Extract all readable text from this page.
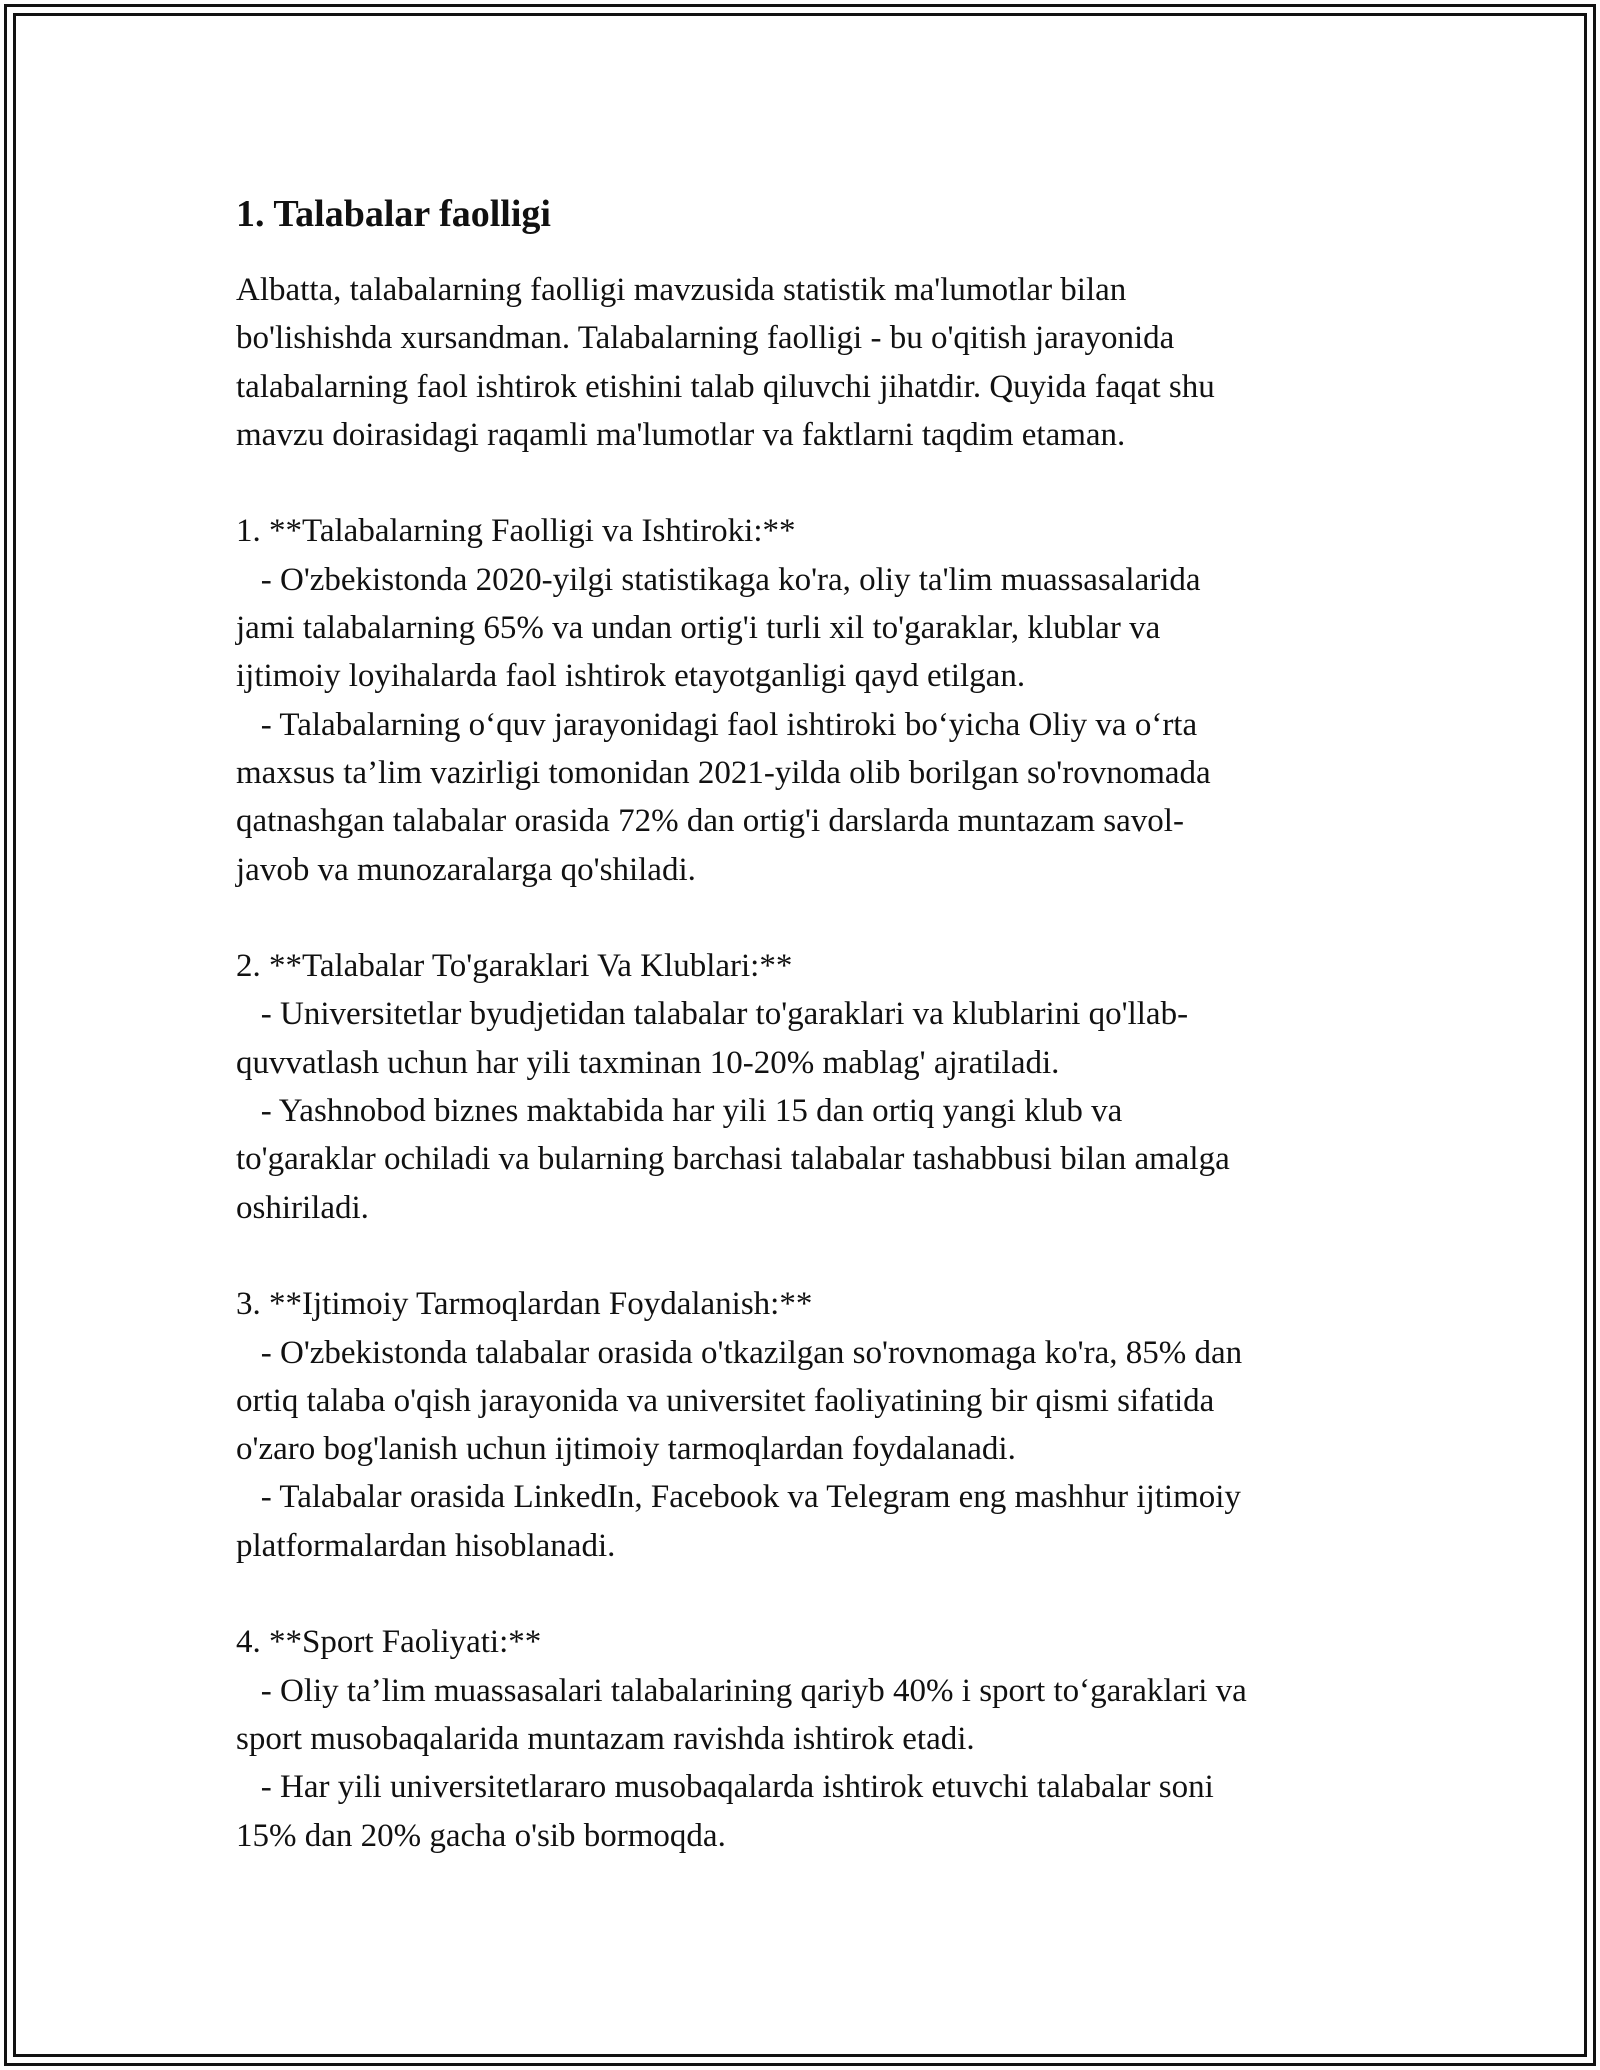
1. Talabalar faolligi

Albatta, talabalarning faolligi mavzusida statistik ma'lumotlar bilan

bo'lishishda xursandman. Talabalarning faolligi - bu o'qitish jarayonida

talabalarning faol ishtirok etishini talab qiluvchi jihatdir. Quyida faqat shu

mavzu doirasidagi raqamli ma'lumotlar va faktlarni taqdim etaman.

1. **Talabalarning Faolligi va Ishtiroki:**

- O'zbekistonda 2020-yilgi statistikaga ko'ra, oliy ta'lim muassasalarida

jami talabalarning 65% va undan ortig'i turli xil to'garaklar, klublar va

ijtimoiy loyihalarda faol ishtirok etayotganligi qayd etilgan.

- Talabalarning o‘quv jarayonidagi faol ishtiroki bo‘yicha Oliy va o‘rta

maxsus ta’lim vazirligi tomonidan 2021-yilda olib borilgan so'rovnomada

qatnashgan talabalar orasida 72% dan ortig'i darslarda muntazam savol-

javob va munozaralarga qo'shiladi.

2. **Talabalar To'garaklari Va Klublari:**

- Universitetlar byudjetidan talabalar to'garaklari va klublarini qo'llab-

quvvatlash uchun har yili taxminan 10-20% mablag' ajratiladi.

- Yashnobod biznes maktabida har yili 15 dan ortiq yangi klub va

to'garaklar ochiladi va bularning barchasi talabalar tashabbusi bilan amalga

oshiriladi.

3. **Ijtimoiy Tarmoqlardan Foydalanish:**

- O'zbekistonda talabalar orasida o'tkazilgan so'rovnomaga ko'ra, 85% dan

ortiq talaba o'qish jarayonida va universitet faoliyatining bir qismi sifatida

o'zaro bog'lanish uchun ijtimoiy tarmoqlardan foydalanadi.

- Talabalar orasida LinkedIn, Facebook va Telegram eng mashhur ijtimoiy

platformalardan hisoblanadi.

4. **Sport Faoliyati:**

- Oliy ta’lim muassasalari talabalarining qariyb 40% i sport to‘garaklari va

sport musobaqalarida muntazam ravishda ishtirok etadi.

- Har yili universitetlararo musobaqalarda ishtirok etuvchi talabalar soni

15% dan 20% gacha o'sib bormoqda.
